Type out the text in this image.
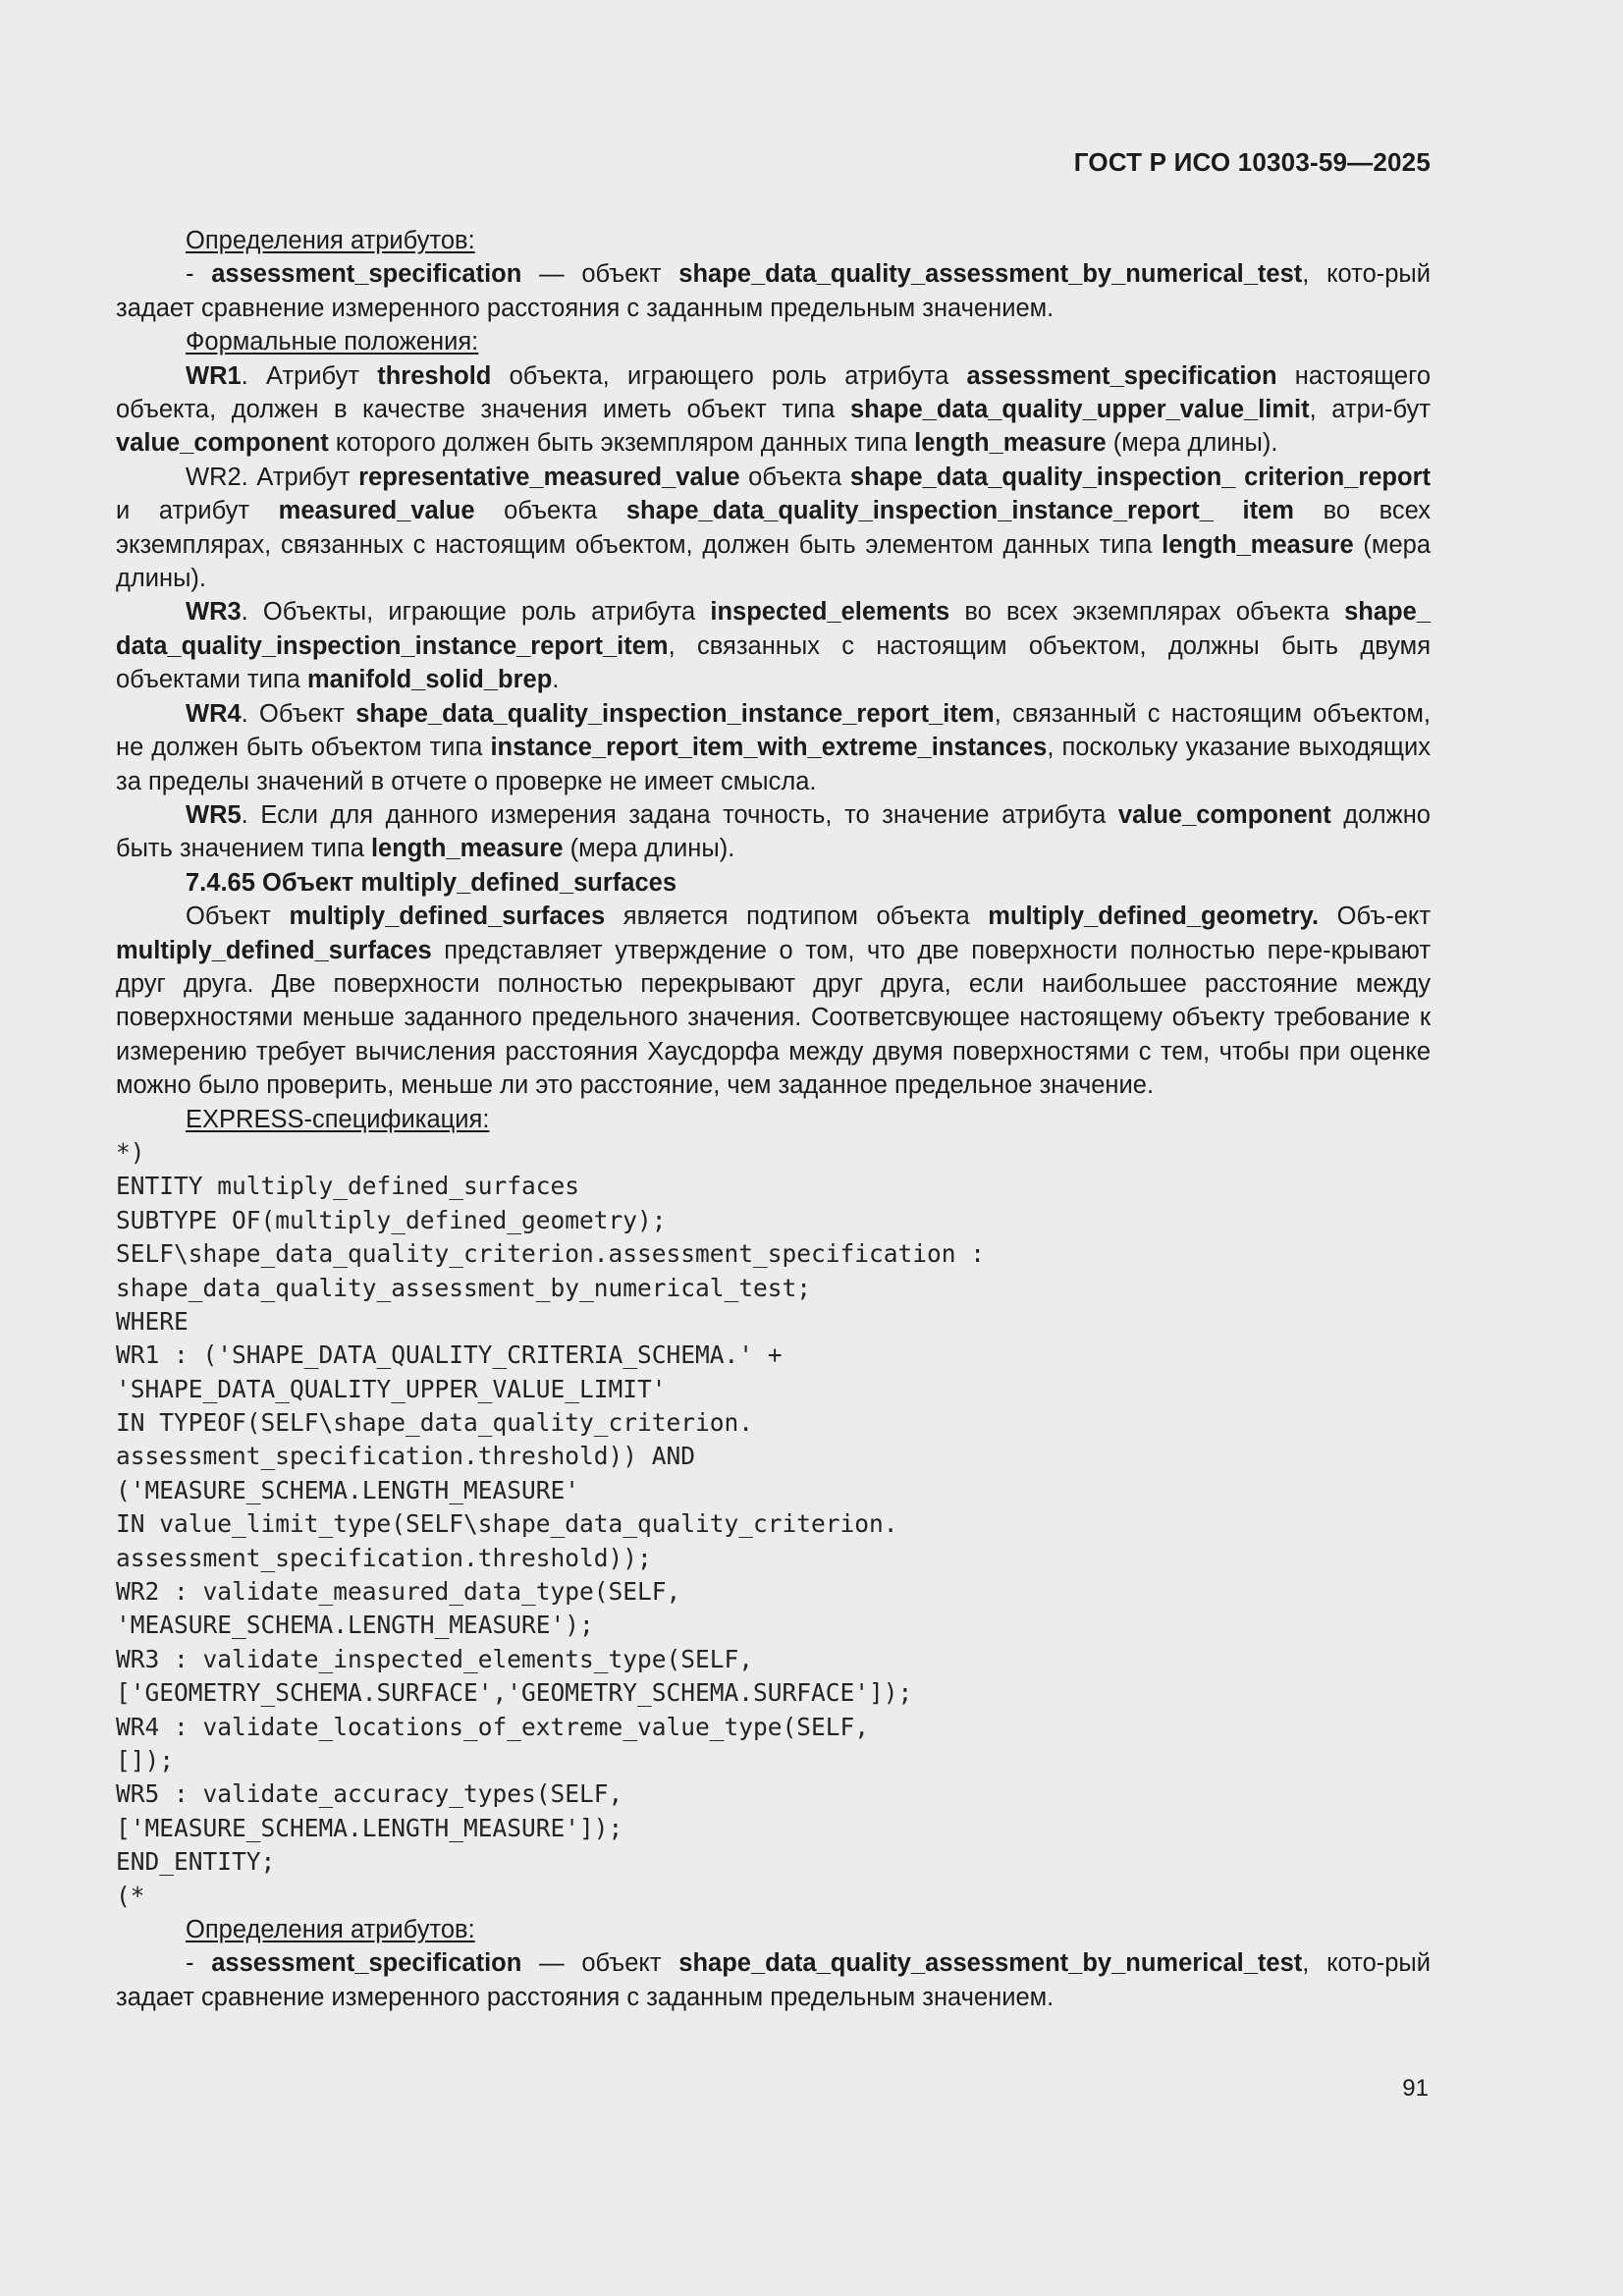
ГОСТ Р ИСО 10303-59—2025

Определения атрибутов:

- assessment_specification — объект shape_data_quality_assessment_by_numerical_test, кото-рый задает сравнение измеренного расстояния с заданным предельным значением.

Формальные положения:

WR1. Атрибут threshold объекта, играющего роль атрибута assessment_specification настоящего объекта, должен в качестве значения иметь объект типа shape_data_quality_upper_value_limit, атри-бут value_component которого должен быть экземпляром данных типа length_measure (мера длины).

WR2. Атрибут representative_measured_value объекта shape_data_quality_inspection_ criterion_report и атрибут measured_value объекта shape_data_quality_inspection_instance_report_ item во всех экземплярах, связанных с настоящим объектом, должен быть элементом данных типа length_measure (мера длины).

WR3. Объекты, играющие роль атрибута inspected_elements во всех экземплярах объекта shape_ data_quality_inspection_instance_report_item, связанных с настоящим объектом, должны быть двумя объектами типа manifold_solid_brep.

WR4. Объект shape_data_quality_inspection_instance_report_item, связанный с настоящим объектом, не должен быть объектом типа instance_report_item_with_extreme_instances, поскольку указание выходящих за пределы значений в отчете о проверке не имеет смысла.

WR5. Если для данного измерения задана точность, то значение атрибута value_component должно быть значением типа length_measure (мера длины).

7.4.65 Объект multiply_defined_surfaces

Объект multiply_defined_surfaces является подтипом объекта multiply_defined_geometry. Объ-ект multiply_defined_surfaces представляет утверждение о том, что две поверхности полностью пере-крывают друг друга. Две поверхности полностью перекрывают друг друга, если наибольшее расстояние между поверхностями меньше заданного предельного значения. Соответсвующее настоящему объекту требование к измерению требует вычисления расстояния Хаусдорфа между двумя поверхностями с тем, чтобы при оценке можно было проверить, меньше ли это расстояние, чем заданное предельное значение.

EXPRESS-спецификация:

*)
ENTITY multiply_defined_surfaces
SUBTYPE OF(multiply_defined_geometry);
SELF\shape_data_quality_criterion.assessment_specification :
shape_data_quality_assessment_by_numerical_test;
WHERE
WR1 : ('SHAPE_DATA_QUALITY_CRITERIA_SCHEMA.' +
'SHAPE_DATA_QUALITY_UPPER_VALUE_LIMIT'
IN TYPEOF(SELF\shape_data_quality_criterion.
assessment_specification.threshold)) AND
('MEASURE_SCHEMA.LENGTH_MEASURE'
IN value_limit_type(SELF\shape_data_quality_criterion.
assessment_specification.threshold));
WR2 : validate_measured_data_type(SELF,
'MEASURE_SCHEMA.LENGTH_MEASURE');
WR3 : validate_inspected_elements_type(SELF,
['GEOMETRY_SCHEMA.SURFACE','GEOMETRY_SCHEMA.SURFACE']);
WR4 : validate_locations_of_extreme_value_type(SELF,
[]);
WR5 : validate_accuracy_types(SELF,
['MEASURE_SCHEMA.LENGTH_MEASURE']);
END_ENTITY;
(*

Определения атрибутов:

- assessment_specification — объект shape_data_quality_assessment_by_numerical_test, кото-рый задает сравнение измеренного расстояния с заданным предельным значением.

91
